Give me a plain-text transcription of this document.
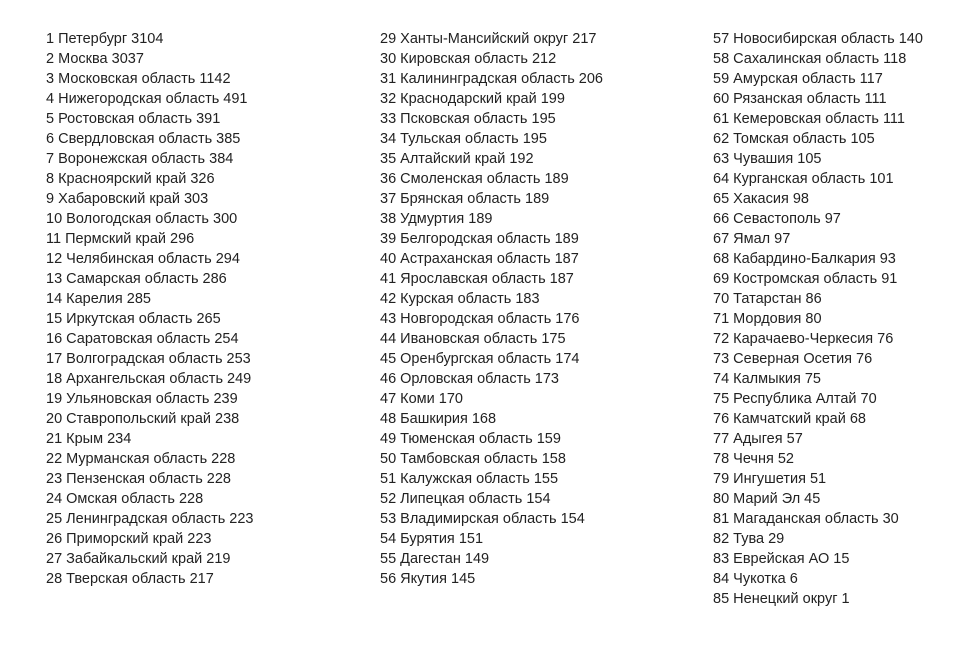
1 Петербург 3104
2 Москва 3037
3 Московская область 1142
4 Нижегородская область 491
5 Ростовская область 391
6 Свердловская область 385
7 Воронежская область 384
8 Красноярский край 326
9 Хабаровский край 303
10 Вологодская область 300
11 Пермский край 296
12 Челябинская область 294
13 Самарская область 286
14 Карелия 285
15 Иркутская область 265
16 Саратовская область 254
17 Волгоградская область 253
18 Архангельская область 249
19 Ульяновская область 239
20 Ставропольский край 238
21 Крым 234
22 Мурманская область 228
23 Пензенская область 228
24 Омская область 228
25 Ленинградская область 223
26 Приморский край 223
27 Забайкальский край 219
28 Тверская область 217
29 Ханты-Мансийский округ 217
30 Кировская область 212
31 Калининградская область 206
32 Краснодарский край 199
33 Псковская область 195
34 Тульская область 195
35 Алтайский край 192
36 Смоленская область 189
37 Брянская область 189
38 Удмуртия 189
39 Белгородская область 189
40 Астраханская область 187
41 Ярославская область 187
42 Курская область 183
43 Новгородская область 176
44 Ивановская область 175
45 Оренбургская область 174
46 Орловская область 173
47 Коми 170
48 Башкирия 168
49 Тюменская область 159
50 Тамбовская область 158
51 Калужская область 155
52 Липецкая область 154
53 Владимирская область 154
54 Бурятия 151
55 Дагестан 149
56 Якутия 145
57 Новосибирская область 140
58 Сахалинская область 118
59 Амурская область 117
60 Рязанская область 111
61 Кемеровская область 111
62 Томская область 105
63 Чувашия 105
64 Курганская область 101
65 Хакасия 98
66 Севастополь 97
67 Ямал 97
68 Кабардино-Балкария 93
69 Костромская область 91
70 Татарстан 86
71 Мордовия 80
72 Карачаево-Черкесия 76
73 Северная Осетия 76
74 Калмыкия 75
75 Республика Алтай 70
76 Камчатский край 68
77 Адыгея 57
78 Чечня 52
79 Ингушетия 51
80 Марий Эл 45
81 Магаданская область 30
82 Тува 29
83 Еврейская АО 15
84 Чукотка 6
85 Ненецкий округ 1
